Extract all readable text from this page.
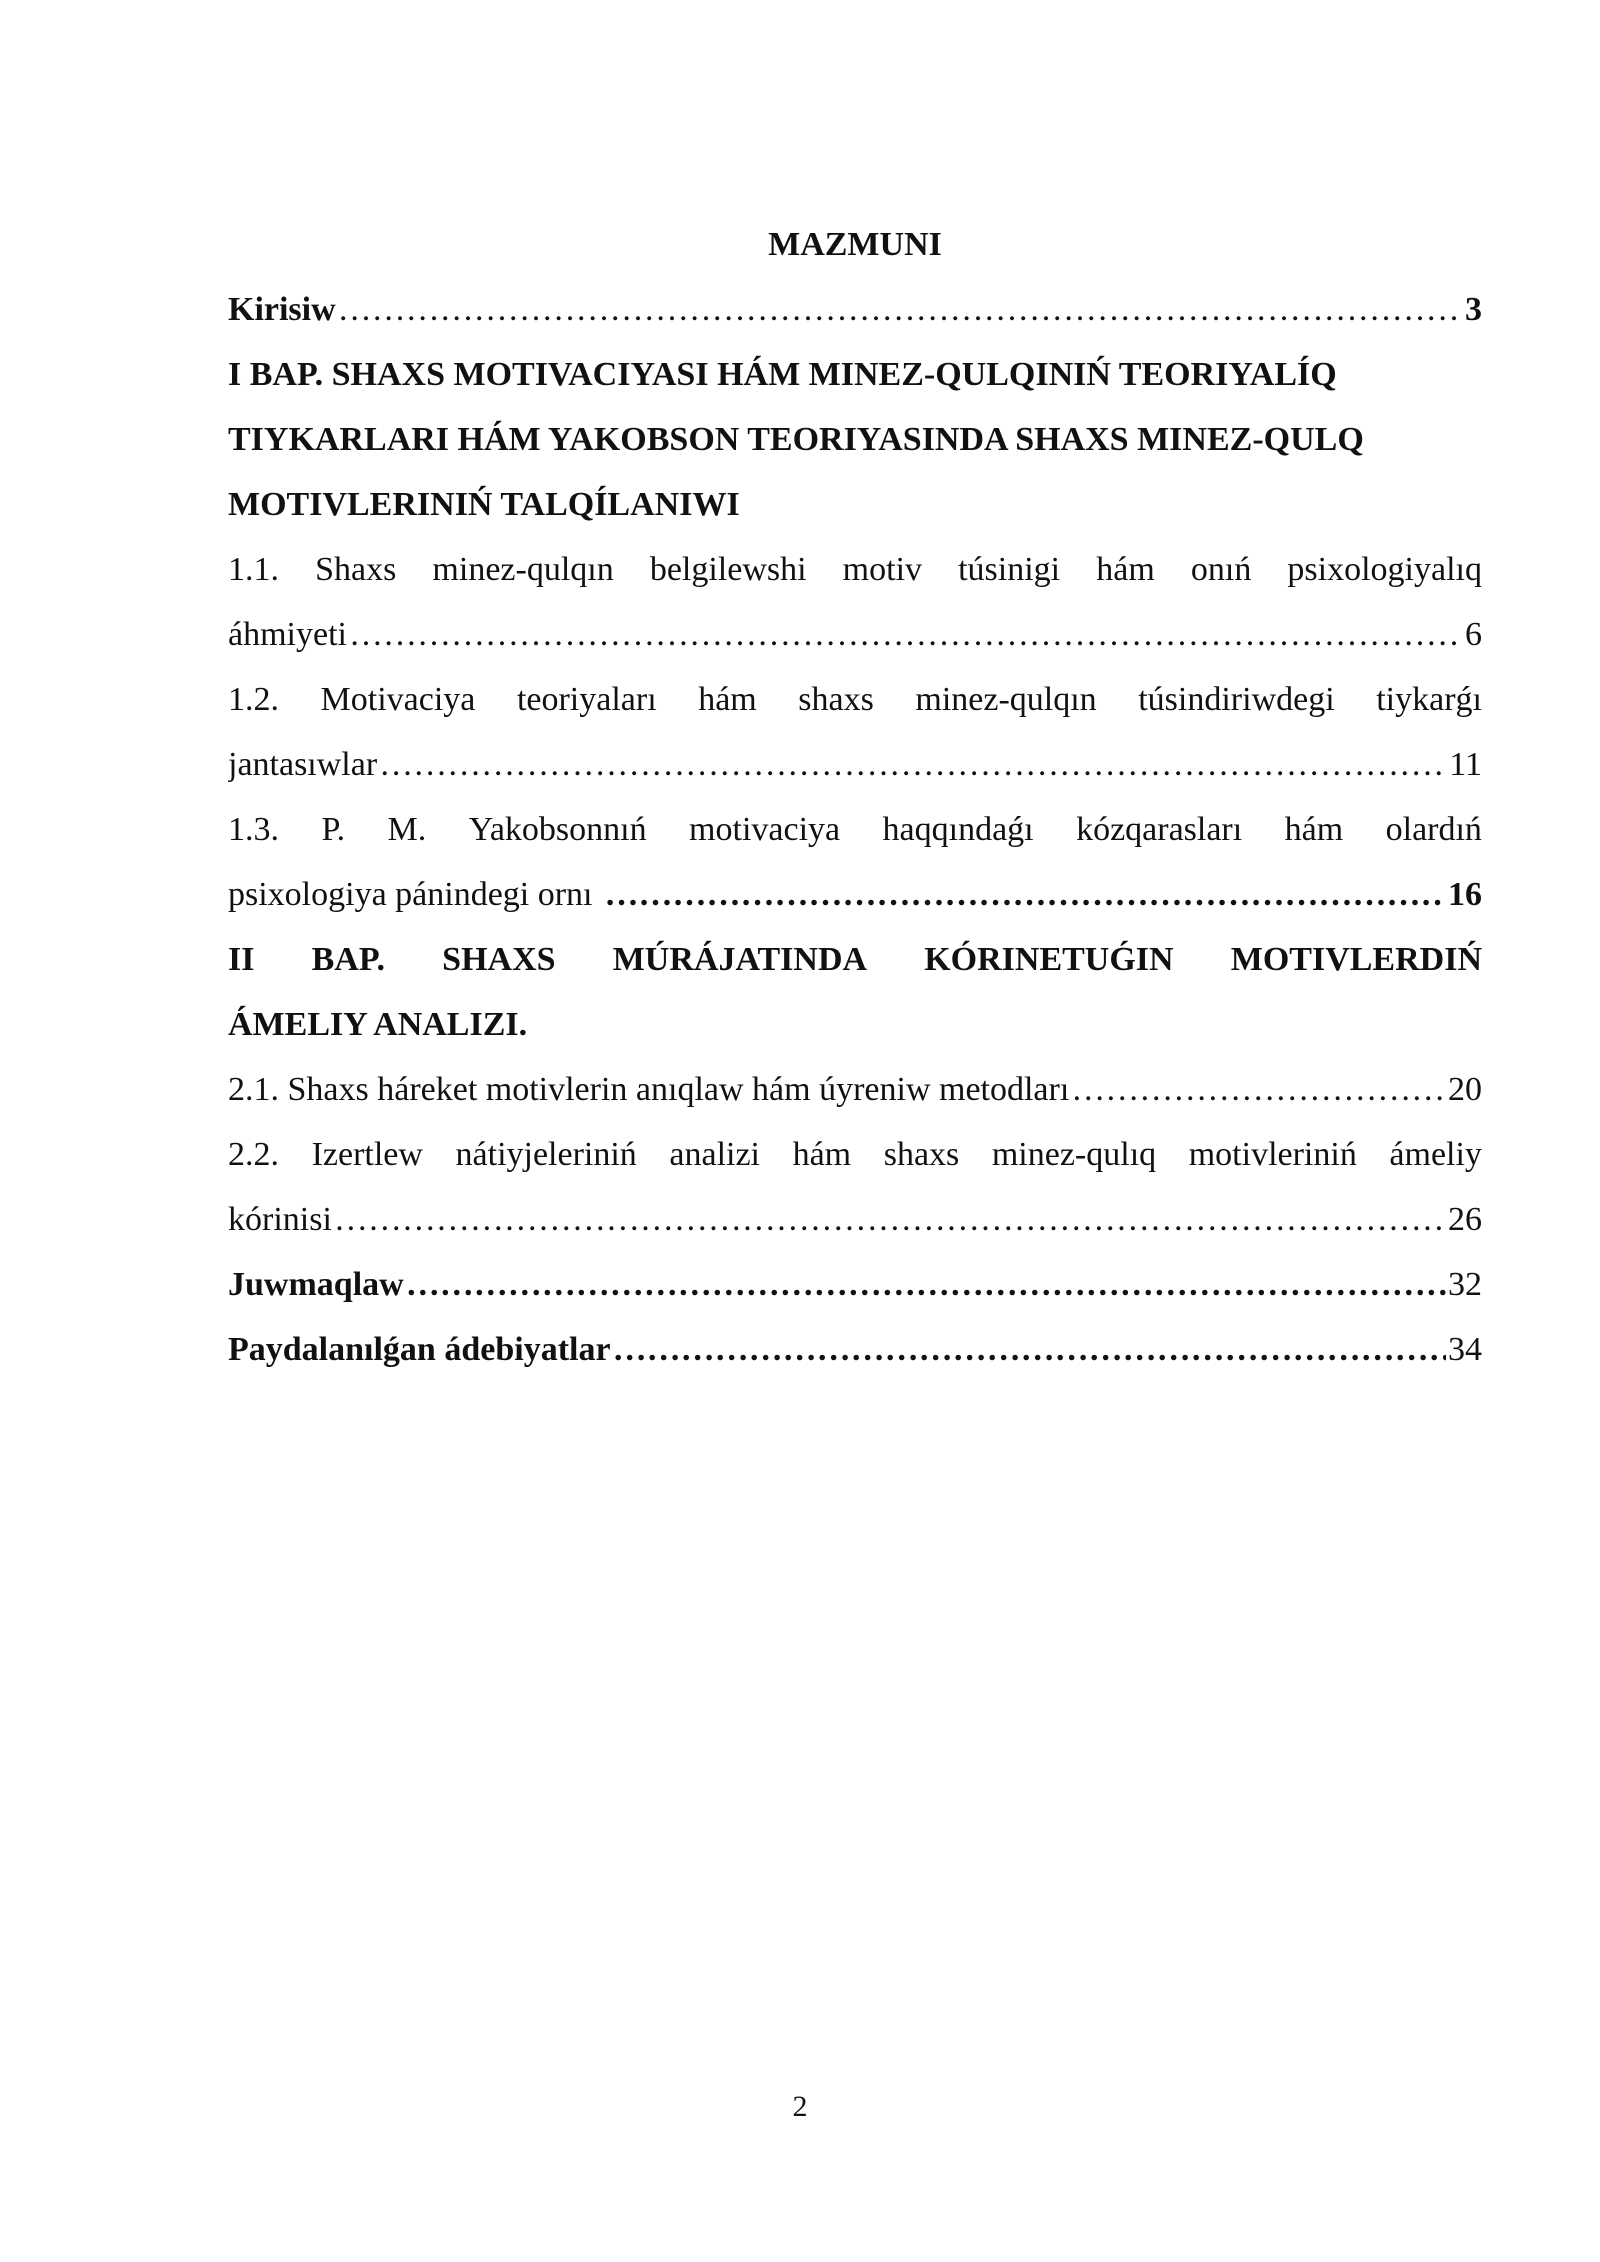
MAZMUNI
Kirisiw ……………………………………………………………………………………………………………………………………………………………………	3
I BAP. SHAXS MOTIVACIYASI HÁM MINEZ-QULQINIŃ TEORIYALÍQ
TIYKARLARI HÁM YAKOBSON TEORIYASINDA SHAXS MINEZ-QULQ
MOTIVLERINIŃ TALQÍLANIWI
1.1. Shaxs minez-qulqın belgilewshi motiv túsinigi hám onıń psixologiyalıq
áhmiyeti ……………………………………………………………………………………………………………………………………………………………………	6
1.2. Motivaciya teoriyaları hám shaxs minez-qulqın túsindiriwdegi tiykarǵı
jantasıwlar ……………………………………………………………………………………………………………………………………………………………………	11
1.3. P. M. Yakobsonnıń motivaciya haqqındaǵı kózqarasları hám olardıń
psixologiya pánindegi ornı ……………………………………………………………………………………………………………………………………………………………………	16
II BAP. SHAXS MÚRÁJATINDA KÓRINETUǴIN MOTIVLERDIŃ
ÁMELIY ANALIZI.
2.1. Shaxs háreket motivlerin anıqlaw hám úyreniw metodları ……………………………………………………………………………………………………………………………………………………………………	20
2.2. Izertlew nátiyjeleriniń analizi hám shaxs minez-qulıq motivleriniń ámeliy
kórinisi ……………………………………………………………………………………………………………………………………………………………………	26
Juwmaqlaw ……………………………………………………………………………………………………………………………………………………………………	32
Paydalanılǵan ádebiyatlar ……………………………………………………………………………………………………………………………………………………………………	34
2
